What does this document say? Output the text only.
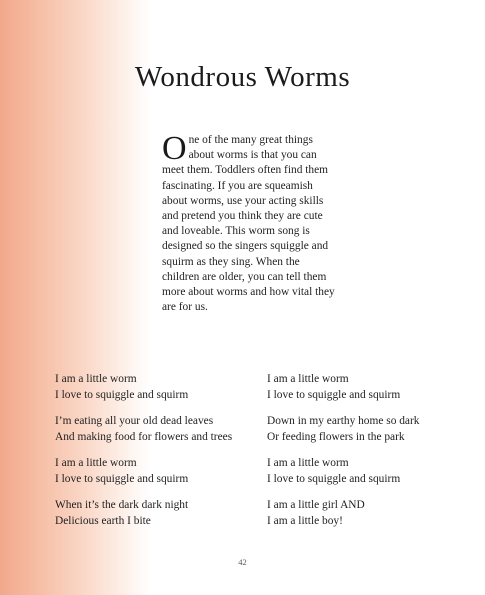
Wondrous Worms
One of the many great things about worms is that you can meet them. Toddlers often find them fascinating. If you are squeamish about worms, use your acting skills and pretend you think they are cute and loveable. This worm song is designed so the singers squiggle and squirm as they sing. When the children are older, you can tell them more about worms and how vital they are for us.
I am a little worm
I love to squiggle and squirm
I’m eating all your old dead leaves
And making food for flowers and trees
I am a little worm
I love to squiggle and squirm
When it’s the dark dark night
Delicious earth I bite
I am a little worm
I love to squiggle and squirm
Down in my earthy home so dark
Or feeding flowers in the park
I am a little worm
I love to squiggle and squirm
I am a little girl AND
I am a little boy!
42
